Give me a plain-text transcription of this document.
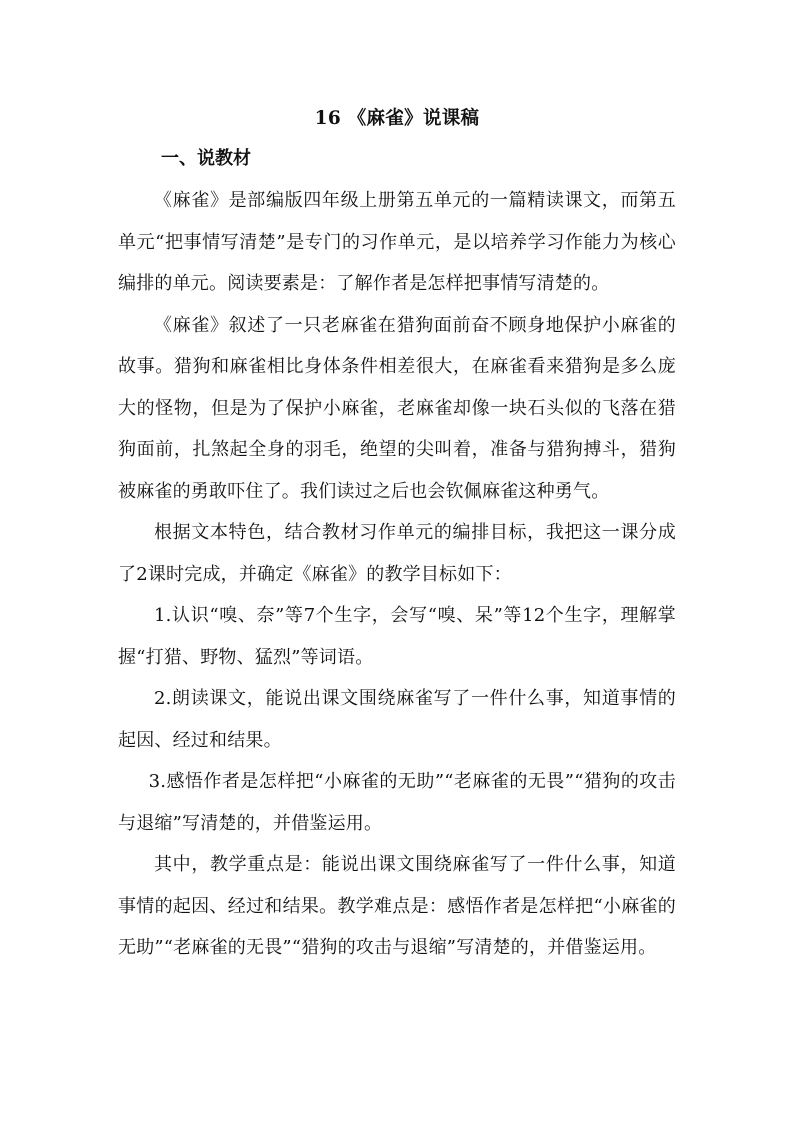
16 《麻雀》说课稿
一、说教材

《麻雀》是部编版四年级上册第五单元的一篇精读课文，而第五单元“把事情写清楚”是专门的习作单元，是以培养学习作能力为核心编排的单元。阅读要素是：了解作者是怎样把事情写清楚的。

《麻雀》叙述了一只老麻雀在猎狗面前奋不顾身地保护小麻雀的故事。猎狗和麻雀相比身体条件相差很大，在麻雀看来猎狗是多么庞大的怪物，但是为了保护小麻雀，老麻雀却像一块石头似的飞落在猎狗面前，扎煞起全身的羽毛，绝望的尖叫着，准备与猎狗搏斗，猎狗被麻雀的勇敢吓住了。我们读过之后也会钦佩麻雀这种勇气。

根据文本特色，结合教材习作单元的编排目标，我把这一课分成了2课时完成，并确定《麻雀》的教学目标如下：

1.认识“嗅、奈”等7个生字，会写“嗅、呆”等12个生字，理解掌握“打猎、野物、猛烈”等词语。

2.朗读课文，能说出课文围绕麻雀写了一件什么事，知道事情的起因、经过和结果。

3.感悟作者是怎样把“小麻雀的无助”“老麻雀的无畏”“猎狗的攻击与退缩”写清楚的，并借鉴运用。

其中，教学重点是：能说出课文围绕麻雀写了一件什么事，知道事情的起因、经过和结果。教学难点是：感悟作者是怎样把“小麻雀的无助”“老麻雀的无畏”“猎狗的攻击与退缩”写清楚的，并借鉴运用。
